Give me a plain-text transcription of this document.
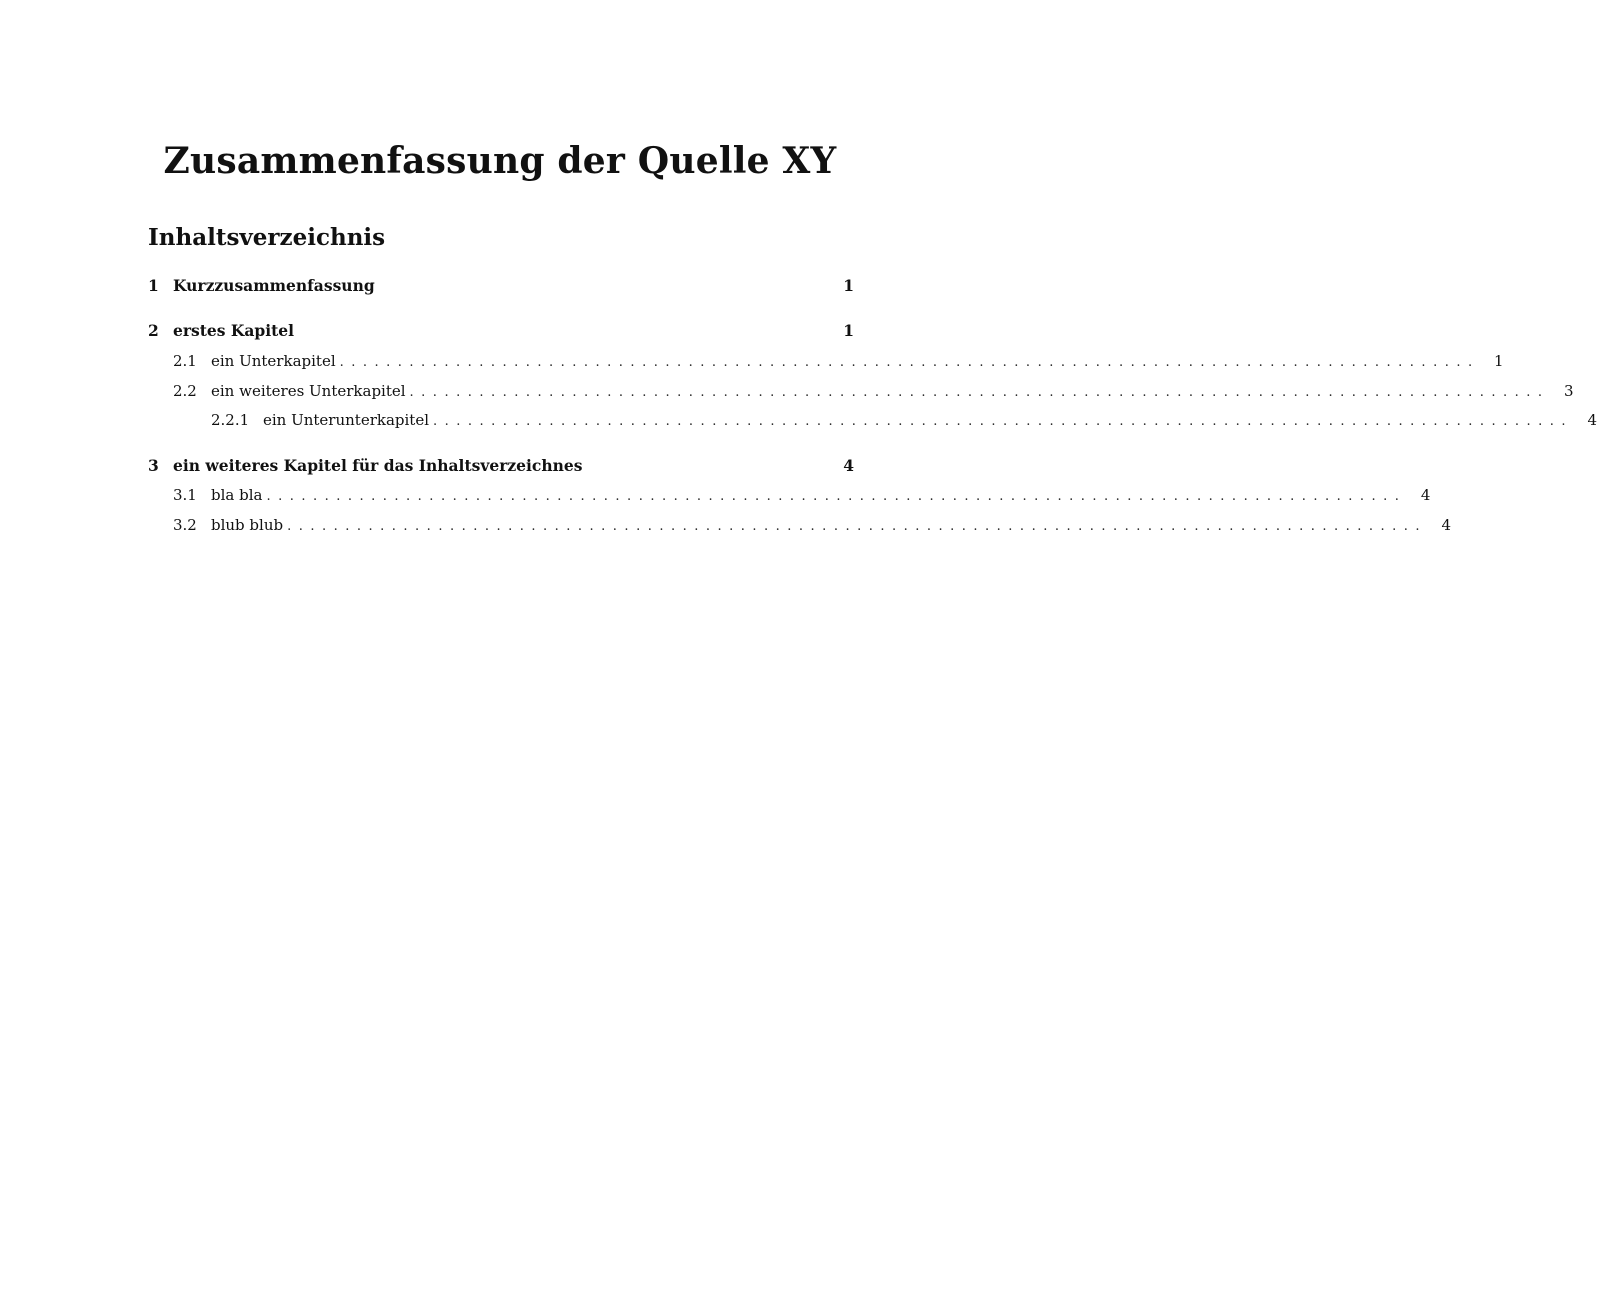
Zusammenfassung der Quelle XY
Inhaltsverzeichnis
1 Kurzzusammenfassung	1
2 erstes Kapitel	1
2.1 ein Unterkapitel .................................................................................................. 1
2.2 ein weiteres Unterkapitel .................................................................................................. 3
2.2.1 ein Unterunterkapitel .................................................................................................. 4
3 ein weiteres Kapitel für das Inhaltsverzeichnes	4
3.1 bla bla .................................................................................................. 4
3.2 blub blub .................................................................................................. 4
